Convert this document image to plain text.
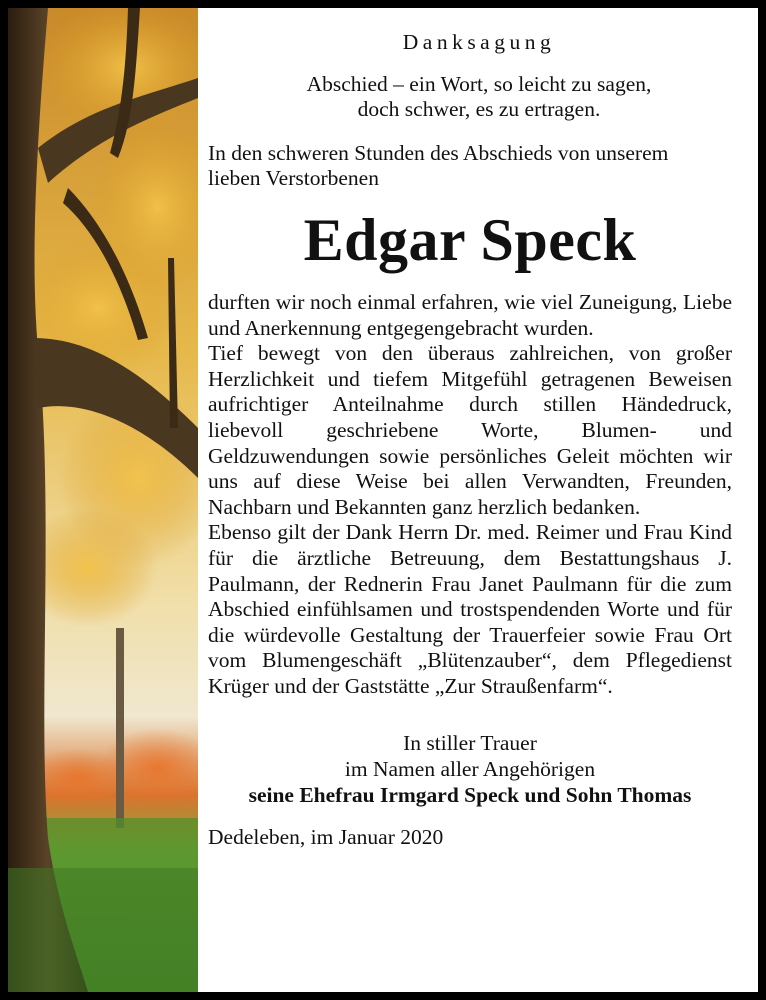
Danksagung
Abschied – ein Wort, so leicht zu sagen,
doch schwer, es zu ertragen.
In den schweren Stunden des Abschieds von unserem
lieben Verstorbenen
Edgar Speck
durften wir noch einmal erfahren, wie viel Zuneigung, Liebe und Anerkennung entgegengebracht wurden.
Tief bewegt von den überaus zahlreichen, von großer Herzlichkeit und tiefem Mitgefühl getragenen Beweisen aufrichtiger Anteilnahme durch stillen Händedruck, liebevoll geschriebene Worte, Blumen- und Geldzuwendungen sowie persönliches Geleit möchten wir uns auf diese Weise bei allen Verwandten, Freunden, Nachbarn und Bekannten ganz herzlich bedanken.
Ebenso gilt der Dank Herrn Dr. med. Reimer und Frau Kind für die ärztliche Betreuung, dem Bestattungshaus J. Paulmann, der Rednerin Frau Janet Paulmann für die zum Abschied einfühlsamen und trostspendenden Worte und für die würdevolle Gestaltung der Trauerfeier sowie Frau Ort vom Blumengeschäft „Blütenzauber“, dem Pflegedienst Krüger und der Gaststätte „Zur Straußenfarm“.
In stiller Trauer
im Namen aller Angehörigen
seine Ehefrau Irmgard Speck und Sohn Thomas
Dedeleben, im Januar 2020
